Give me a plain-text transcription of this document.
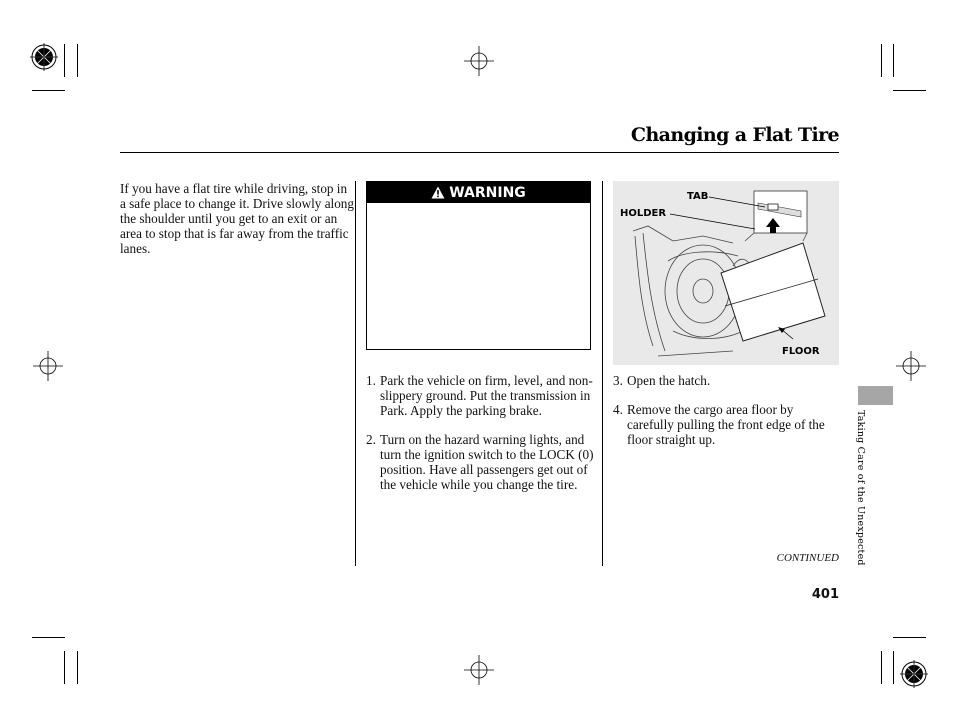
Changing a Flat Tire
If you have a flat tire while driving, stop in a safe place to change it. Drive slowly along the shoulder until you get to an exit or an area to stop that is far away from the traffic lanes.
WARNING
1. Park the vehicle on firm, level, and non-slippery ground. Put the transmission in Park. Apply the parking brake.
2. Turn on the hazard warning lights, and turn the ignition switch to the LOCK (0) position. Have all passengers get out of the vehicle while you change the tire.
TAB
HOLDER
FLOOR
3. Open the hatch.
4. Remove the cargo area floor by carefully pulling the front edge of the floor straight up.	Taking Care of the Unexpected
CONTINUED
401
